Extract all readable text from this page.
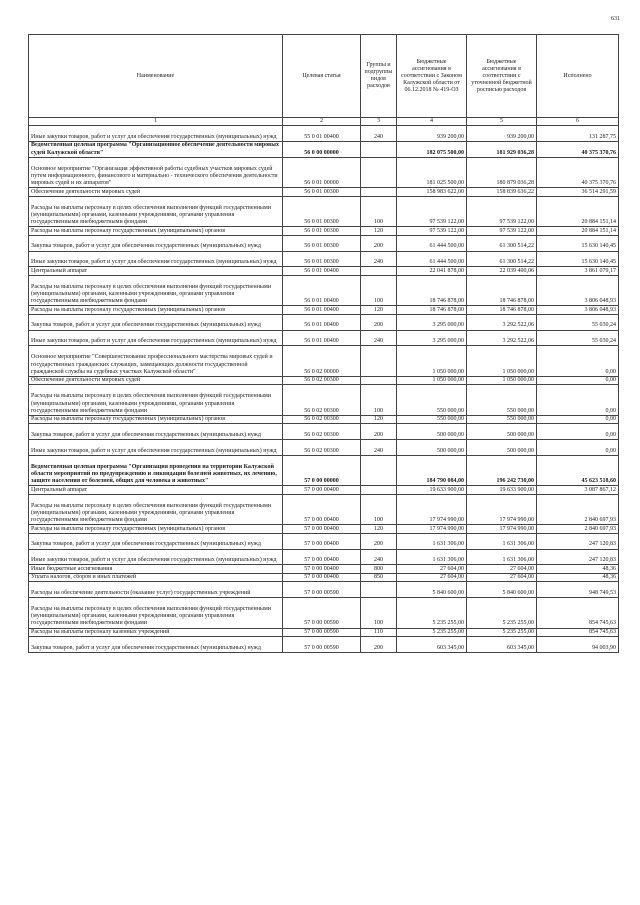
631
Наименование	Целевая статья	Группы и подгруппы видов расходов	Бюджетные ассигнования в соответствии с Законом Калужской области от 06.12.2018 № 419-ОЗ	Бюджетные ассигнования в соответствии с уточненной бюджетной росписью расходов	Исполнено
1	2	3	4	5	6
Иные закупки товаров, работ и услуг для обеспечения государственных (муниципальных) нужд	55 0 01 00400	240	939 200,00	939 200,00	131 287,75
Ведомственная целевая программа "Организационное обеспечение деятельности мировых судей Калужской области"	56 0 00 00000		182 075 500,00	181 929 036,28	40 375 370,76
Основное мероприятие "Организация эффективной работы судебных участков мировых судей путем информационного, финансового и материально - технического обеспечения деятельности мировых судей и их аппаратов"	56 0 01 00000		181 025 500,00	180 879 036,28	40 375 370,76
Обеспечение деятельности мировых судей	56 0 01 00300		158 983 622,00	158 839 636,22	36 514 291,59
Расходы на выплаты персоналу в целях обеспечения выполнения функций государственными (муниципальными) органами, казенными учреждениями, органами управления государственными внебюджетными фондами	56 0 01 00300	100	97 539 122,00	97 539 122,00	20 884 151,14
Расходы на выплаты персоналу государственных (муниципальных) органов	56 0 01 00300	120	97 539 122,00	97 539 122,00	20 884 151,14
Закупка товаров, работ и услуг для обеспечения государственных (муниципальных) нужд	56 0 01 00300	200	61 444 500,00	61 300 514,22	15 630 140,45
Иные закупки товаров, работ и услуг для обеспечения государственных (муниципальных) нужд	56 0 01 00300	240	61 444 500,00	61 300 514,22	15 630 140,45
Центральный аппарат	56 0 01 00400		22 041 878,00	22 039 400,06	3 861 079,17
Расходы на выплаты персоналу в целях обеспечения выполнения функций государственными (муниципальными) органами, казенными учреждениями, органами управления государственными внебюджетными фондами	56 0 01 00400	100	18 746 878,00	18 746 878,00	3 806 048,93
Расходы на выплаты персоналу государственных (муниципальных) органов	56 0 01 00400	120	18 746 878,00	18 746 878,00	3 806 048,93
Закупка товаров, работ и услуг для обеспечения государственных (муниципальных) нужд	56 0 01 00400	200	3 295 000,00	3 292 522,06	55 030,24
Иные закупки товаров, работ и услуг для обеспечения государственных (муниципальных) нужд	56 0 01 00400	240	3 295 000,00	3 292 522,06	55 030,24
Основное мероприятие "Совершенствование профессионального мастерства мировых судей и государственных гражданских служащих, замещающих должности государственной гражданской службы на судебных участках Калужской области"	56 0 02 00000		1 050 000,00	1 050 000,00	0,00
Обеспечение деятельности мировых судей	56 0 02 00300		1 050 000,00	1 050 000,00	0,00
Расходы на выплаты персоналу в целях обеспечения выполнения функций государственными (муниципальными) органами, казенными учреждениями, органами управления государственными внебюджетными фондами	56 0 02 00300	100	550 000,00	550 000,00	0,00
Расходы на выплаты персоналу государственных (муниципальных) органов	56 0 02 00300	120	550 000,00	550 000,00	0,00
Закупка товаров, работ и услуг для обеспечения государственных (муниципальных) нужд	56 0 02 00300	200	500 000,00	500 000,00	0,00
Иные закупки товаров, работ и услуг для обеспечения государственных (муниципальных) нужд	56 0 02 00300	240	500 000,00	500 000,00	0,00
Ведомственная целевая программа "Организация проведения на территории Калужской области мероприятий по предупреждению и ликвидации болезней животных, их лечению, защите населения от болезней, общих для человека и животных"	57 0 00 00000		184 790 084,00	196 242 730,00	45 623 518,60
Центральный аппарат	57 0 00 00400		19 633 900,00	19 633 900,00	3 087 867,12
Расходы на выплаты персоналу в целях обеспечения выполнения функций государственными (муниципальными) органами, казенными учреждениями, органами управления государственными внебюджетными фондами	57 0 00 00400	100	17 974 990,00	17 974 990,00	2 840 697,93
Расходы на выплаты персоналу государственных (муниципальных) органов	57 0 00 00400	120	17 974 990,00	17 974 990,00	2 840 697,93
Закупка товаров, работ и услуг для обеспечения государственных (муниципальных) нужд	57 0 00 00400	200	1 631 306,00	1 631 306,00	247 120,83
Иные закупки товаров, работ и услуг для обеспечения государственных (муниципальных) нужд	57 0 00 00400	240	1 631 306,00	1 631 306,00	247 120,83
Иные бюджетные ассигнования	57 0 00 00400	800	27 604,00	27 604,00	48,36
Уплата налогов, сборов и иных платежей	57 0 00 00400	850	27 604,00	27 604,00	48,36
Расходы на обеспечение деятельности (оказание услуг) государственных учреждений	57 0 00 00590		5 840 600,00	5 840 600,00	948 749,53
Расходы на выплаты персоналу в целях обеспечения выполнения функций государственными (муниципальными) органами, казенными учреждениями, органами управления государственными внебюджетными фондами	57 0 00 00590	100	5 235 255,00	5 235 255,00	854 745,63
Расходы на выплаты персоналу казенных учреждений	57 0 00 00590	110	5 235 255,00	5 235 255,00	854 745,63
Закупка товаров, работ и услуг для обеспечения государственных (муниципальных) нужд	57 0 00 00590	200	603 345,00	603 345,00	94 003,90
